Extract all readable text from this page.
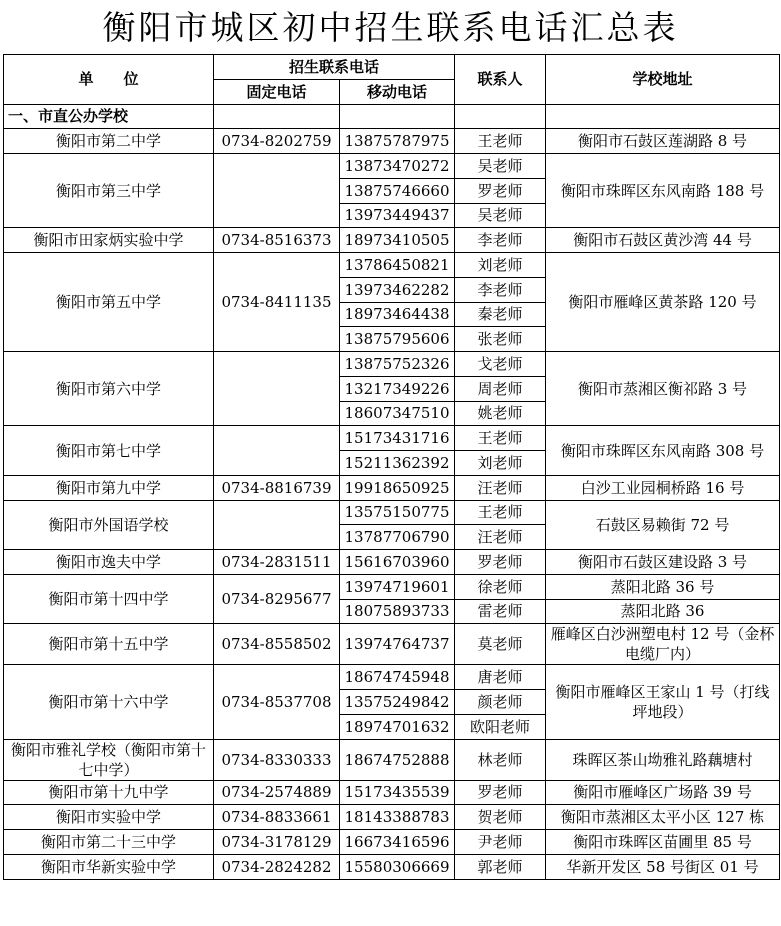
衡阳市城区初中招生联系电话汇总表
单　　位	招生联系电话		联系人	学校地址
	固定电话	移动电话		
一、市直公办学校				
衡阳市第二中学	0734-8202759	13875787975	王老师	衡阳市石鼓区莲湖路 8 号
衡阳市第三中学		13873470272	吴老师	衡阳市珠晖区东风南路 188 号
		13875746660	罗老师	
		13973449437	吴老师	
衡阳市田家炳实验中学	0734-8516373	18973410505	李老师	衡阳市石鼓区黄沙湾 44 号
衡阳市第五中学	0734-8411135	13786450821	刘老师	衡阳市雁峰区黄茶路 120 号
		13973462282	李老师	
		18973464438	秦老师	
		13875795606	张老师	
衡阳市第六中学		13875752326	戈老师	衡阳市蒸湘区衡祁路 3 号
		13217349226	周老师	
		18607347510	姚老师	
衡阳市第七中学		15173431716	王老师	衡阳市珠晖区东风南路 308 号
		15211362392	刘老师	
衡阳市第九中学	0734-8816739	19918650925	汪老师	白沙工业园桐桥路 16 号
衡阳市外国语学校		13575150775	王老师	石鼓区易赖街 72 号
		13787706790	汪老师	
衡阳市逸夫中学	0734-2831511	15616703960	罗老师	衡阳市石鼓区建设路 3 号
衡阳市第十四中学	0734-8295677	13974719601	徐老师	蒸阳北路 36 号
		18075893733	雷老师	蒸阳北路 36
衡阳市第十五中学	0734-8558502	13974764737	莫老师	雁峰区白沙洲塑电村 12 号（金杯电缆厂内）
衡阳市第十六中学	0734-8537708	18674745948	唐老师	衡阳市雁峰区王家山 1 号（打线坪地段）
		13575249842	颜老师	
		18974701632	欧阳老师	
衡阳市雅礼学校（衡阳市第十七中学）	0734-8330333	18674752888	林老师	珠晖区茶山坳雅礼路藕塘村
衡阳市第十九中学	0734-2574889	15173435539	罗老师	衡阳市雁峰区广场路 39 号
衡阳市实验中学	0734-8833661	18143388783	贺老师	衡阳市蒸湘区太平小区 127 栋
衡阳市第二十三中学	0734-3178129	16673416596	尹老师	衡阳市珠晖区苗圃里 85 号
衡阳市华新实验中学	0734-2824282	15580306669	郭老师	华新开发区 58 号街区 01 号
